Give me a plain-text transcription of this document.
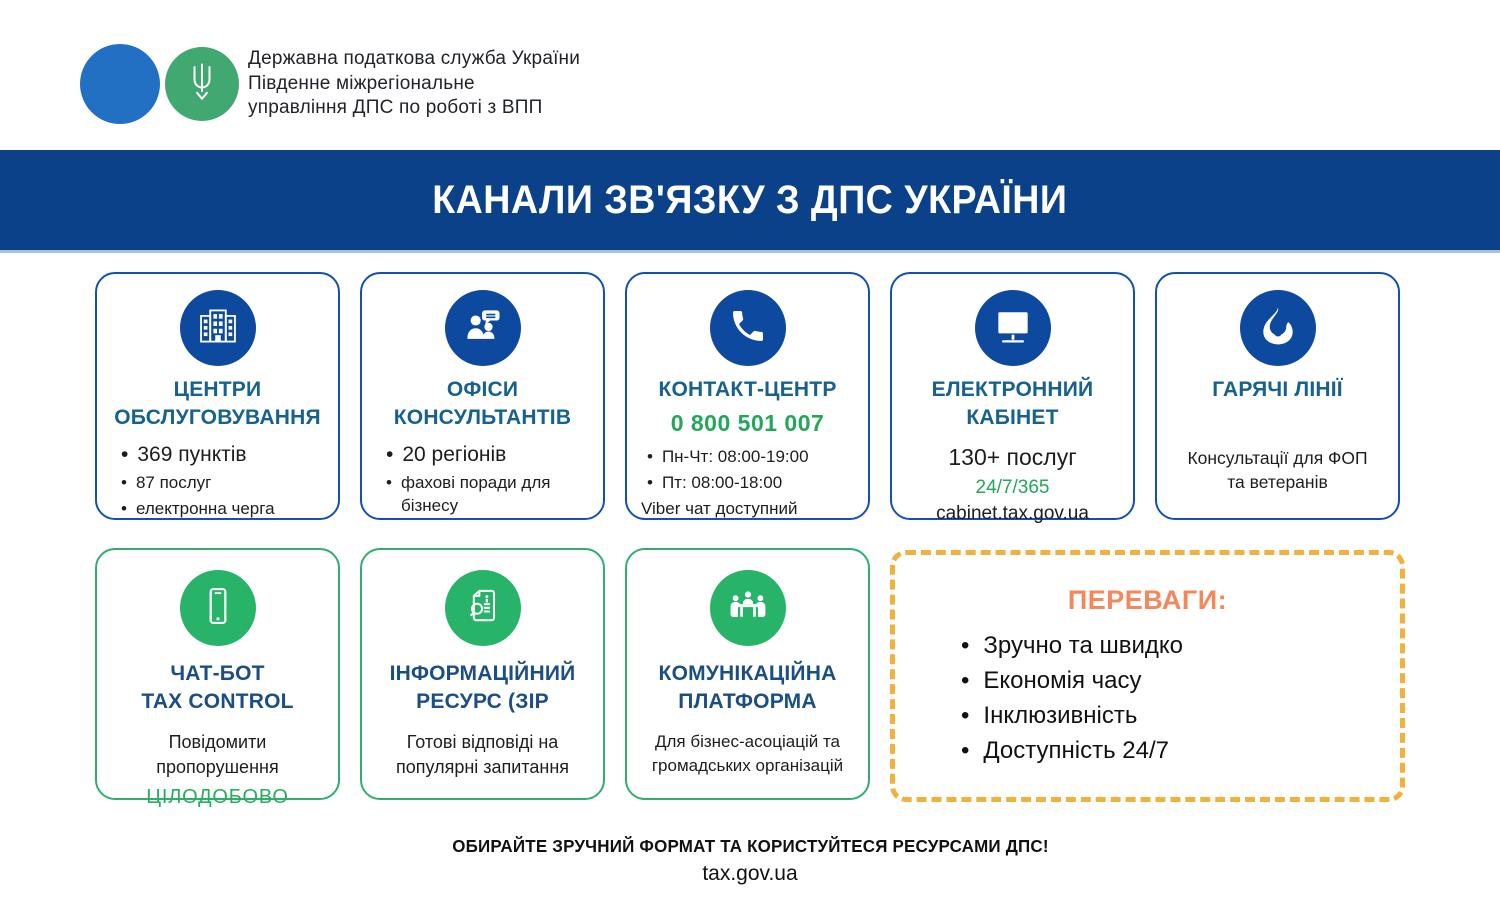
Державна податкова служба України
Південне міжрегіональне
управління ДПС по роботі з ВПП
КАНАЛИ ЗВ'ЯЗКУ З ДПС УКРАЇНИ
ЦЕНТРИ
ОБСЛУГОВУВАННЯ
• 369 пунктів
• 87 послуг
• електронна черга
ОФІСИ
КОНСУЛЬТАНТІВ
• 20 регіонів
• фахові поради для бізнесу
КОНТАКТ-ЦЕНТР
0 800 501 007
• Пн-Чт: 08:00-19:00
• Пт: 08:00-18:00
Viber чат доступний
ЕЛЕКТРОННИЙ
КАБІНЕТ
130+ послуг
24/7/365
cabinet.tax.gov.ua
ГАРЯЧІ ЛІНІЇ
Консультації для ФОП та ветеранів
ЧАТ-БОТ
TAX CONTROL
Повідомити пропорушення
ЦІЛОДОБОВО
ІНФОРМАЦІЙНИЙ
РЕСУРС (ЗІР
Готові відповіді на популярні запитання
КОМУНІКАЦІЙНА
ПЛАТФОРМА
Для бізнес-асоціацій та громадських організацій
ПЕРЕВАГИ:
• Зручно та швидко
• Економія часу
• Інклюзивність
• Доступність 24/7
ОБИРАЙТЕ ЗРУЧНИЙ ФОРМАТ ТА КОРИСТУЙТЕСЯ РЕСУРСАМИ ДПС!
tax.gov.ua
